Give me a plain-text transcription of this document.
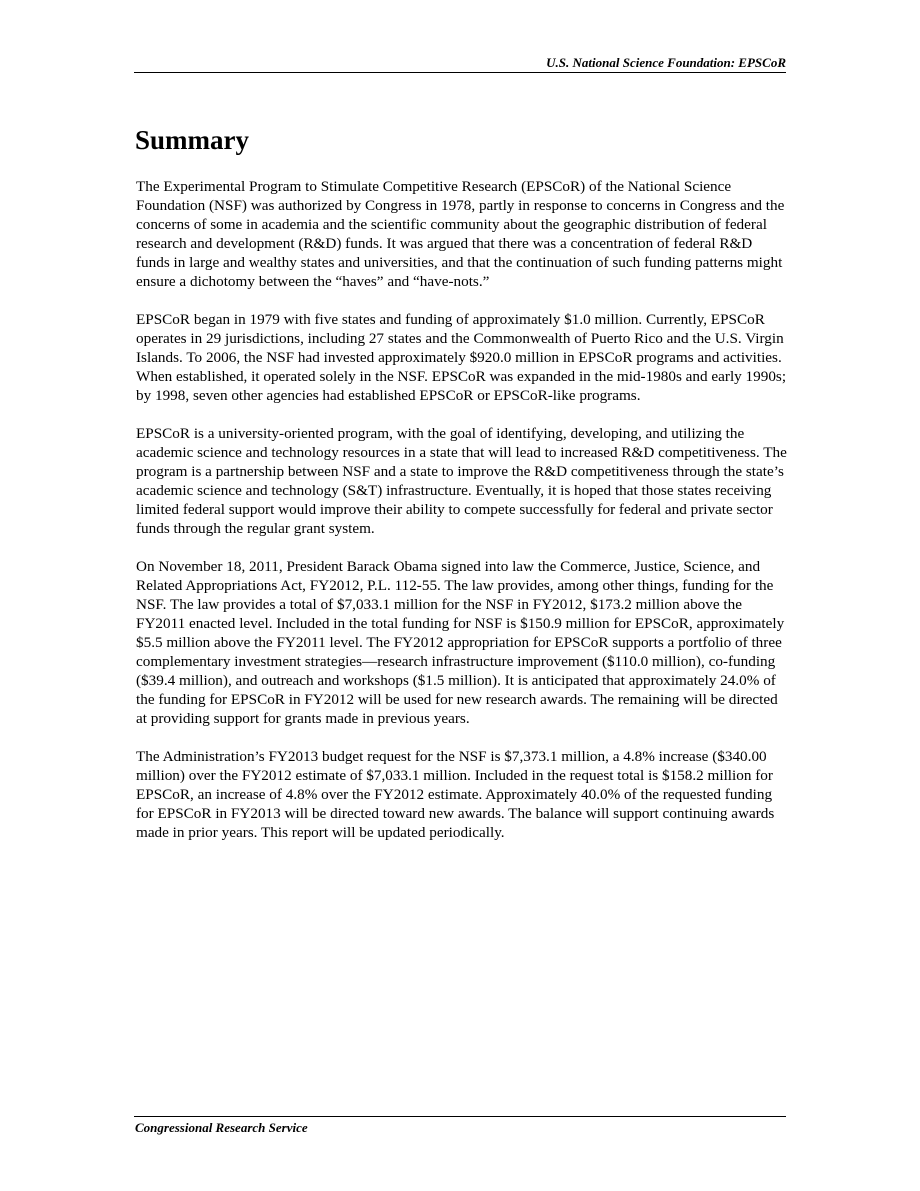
U.S. National Science Foundation: EPSCoR
Summary

The Experimental Program to Stimulate Competitive Research (EPSCoR) of the National Science Foundation (NSF) was authorized by Congress in 1978, partly in response to concerns in Congress and the concerns of some in academia and the scientific community about the geographic distribution of federal research and development (R&D) funds. It was argued that there was a concentration of federal R&D funds in large and wealthy states and universities, and that the continuation of such funding patterns might ensure a dichotomy between the “haves” and “have-nots.”

EPSCoR began in 1979 with five states and funding of approximately $1.0 million. Currently, EPSCoR operates in 29 jurisdictions, including 27 states and the Commonwealth of Puerto Rico and the U.S. Virgin Islands. To 2006, the NSF had invested approximately $920.0 million in EPSCoR programs and activities. When established, it operated solely in the NSF. EPSCoR was expanded in the mid-1980s and early 1990s; by 1998, seven other agencies had established EPSCoR or EPSCoR-like programs.

EPSCoR is a university-oriented program, with the goal of identifying, developing, and utilizing the academic science and technology resources in a state that will lead to increased R&D competitiveness. The program is a partnership between NSF and a state to improve the R&D competitiveness through the state’s academic science and technology (S&T) infrastructure. Eventually, it is hoped that those states receiving limited federal support would improve their ability to compete successfully for federal and private sector funds through the regular grant system.

On November 18, 2011, President Barack Obama signed into law the Commerce, Justice, Science, and Related Appropriations Act, FY2012, P.L. 112-55. The law provides, among other things, funding for the NSF. The law provides a total of $7,033.1 million for the NSF in FY2012, $173.2 million above the FY2011 enacted level. Included in the total funding for NSF is $150.9 million for EPSCoR, approximately $5.5 million above the FY2011 level. The FY2012 appropriation for EPSCoR supports a portfolio of three complementary investment strategies—research infrastructure improvement ($110.0 million), co-funding ($39.4 million), and outreach and workshops ($1.5 million). It is anticipated that approximately 24.0% of the funding for EPSCoR in FY2012 will be used for new research awards. The remaining will be directed at providing support for grants made in previous years.

The Administration’s FY2013 budget request for the NSF is $7,373.1 million, a 4.8% increase ($340.00 million) over the FY2012 estimate of $7,033.1 million. Included in the request total is $158.2 million for EPSCoR, an increase of 4.8% over the FY2012 estimate. Approximately 40.0% of the requested funding for EPSCoR in FY2013 will be directed toward new awards. The balance will support continuing awards made in prior years. This report will be updated periodically.

Congressional Research Service
